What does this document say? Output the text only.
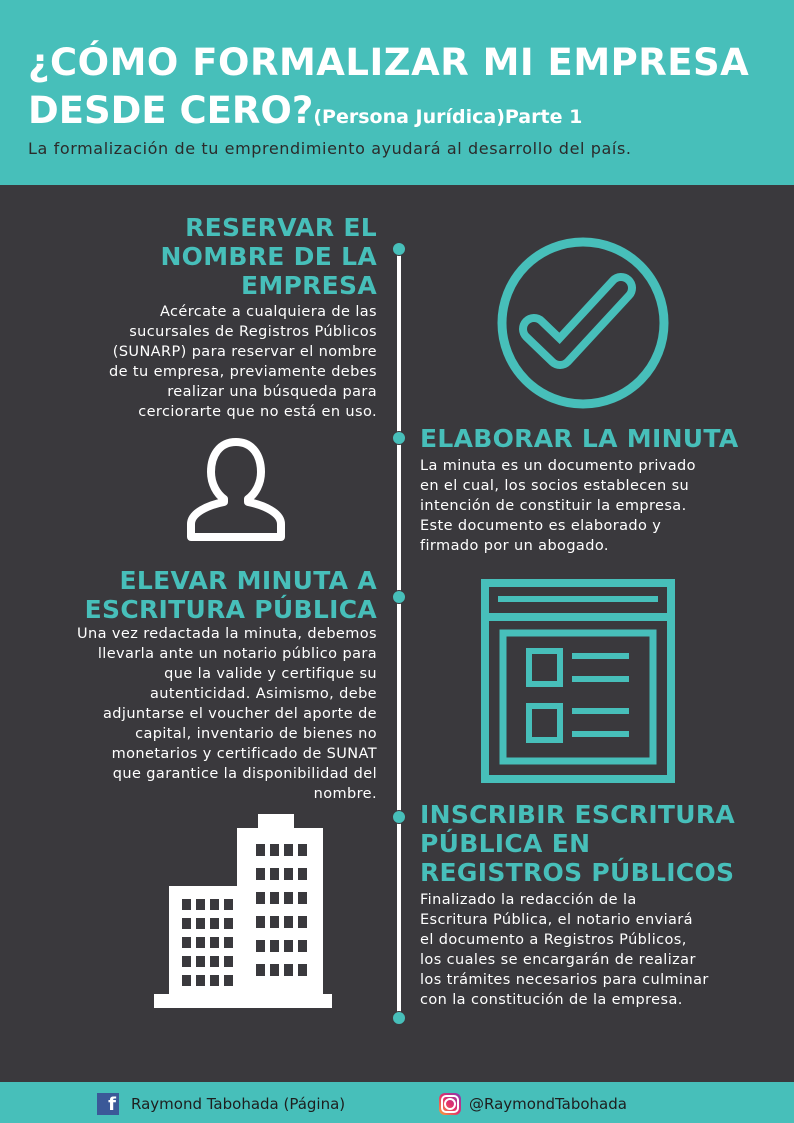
¿CÓMO FORMALIZAR MI EMPRESA
DESDE CERO?(Persona Jurídica)Parte 1
La formalización de tu emprendimiento ayudará al desarrollo del país.
RESERVAR EL
NOMBRE DE LA
EMPRESA
Acércate a cualquiera de las
sucursales de Registros Públicos
(SUNARP) para reservar el nombre
de tu empresa, previamente debes
realizar una búsqueda para
cerciorarte que no está en uso.
ELABORAR LA MINUTA
La minuta es un documento privado
en el cual, los socios establecen su
intención de constituir la empresa.
Este documento es elaborado y
firmado por un abogado.
ELEVAR MINUTA A
ESCRITURA PÚBLICA
Una vez redactada la minuta, debemos
llevarla ante un notario público para
que la valide y certifique su
autenticidad. Asimismo, debe
adjuntarse el voucher del aporte de
capital, inventario de bienes no
monetarios y certificado de SUNAT
que garantice la disponibilidad del
nombre.
INSCRIBIR ESCRITURA
PÚBLICA EN
REGISTROS PÚBLICOS
Finalizado la redacción de la
Escritura Pública, el notario enviará
el documento a Registros Públicos,
los cuales se encargarán de realizar
los trámites necesarios para culminar
con la constitución de la empresa.
f Raymond Tabohada (Página)	@RaymondTabohada
